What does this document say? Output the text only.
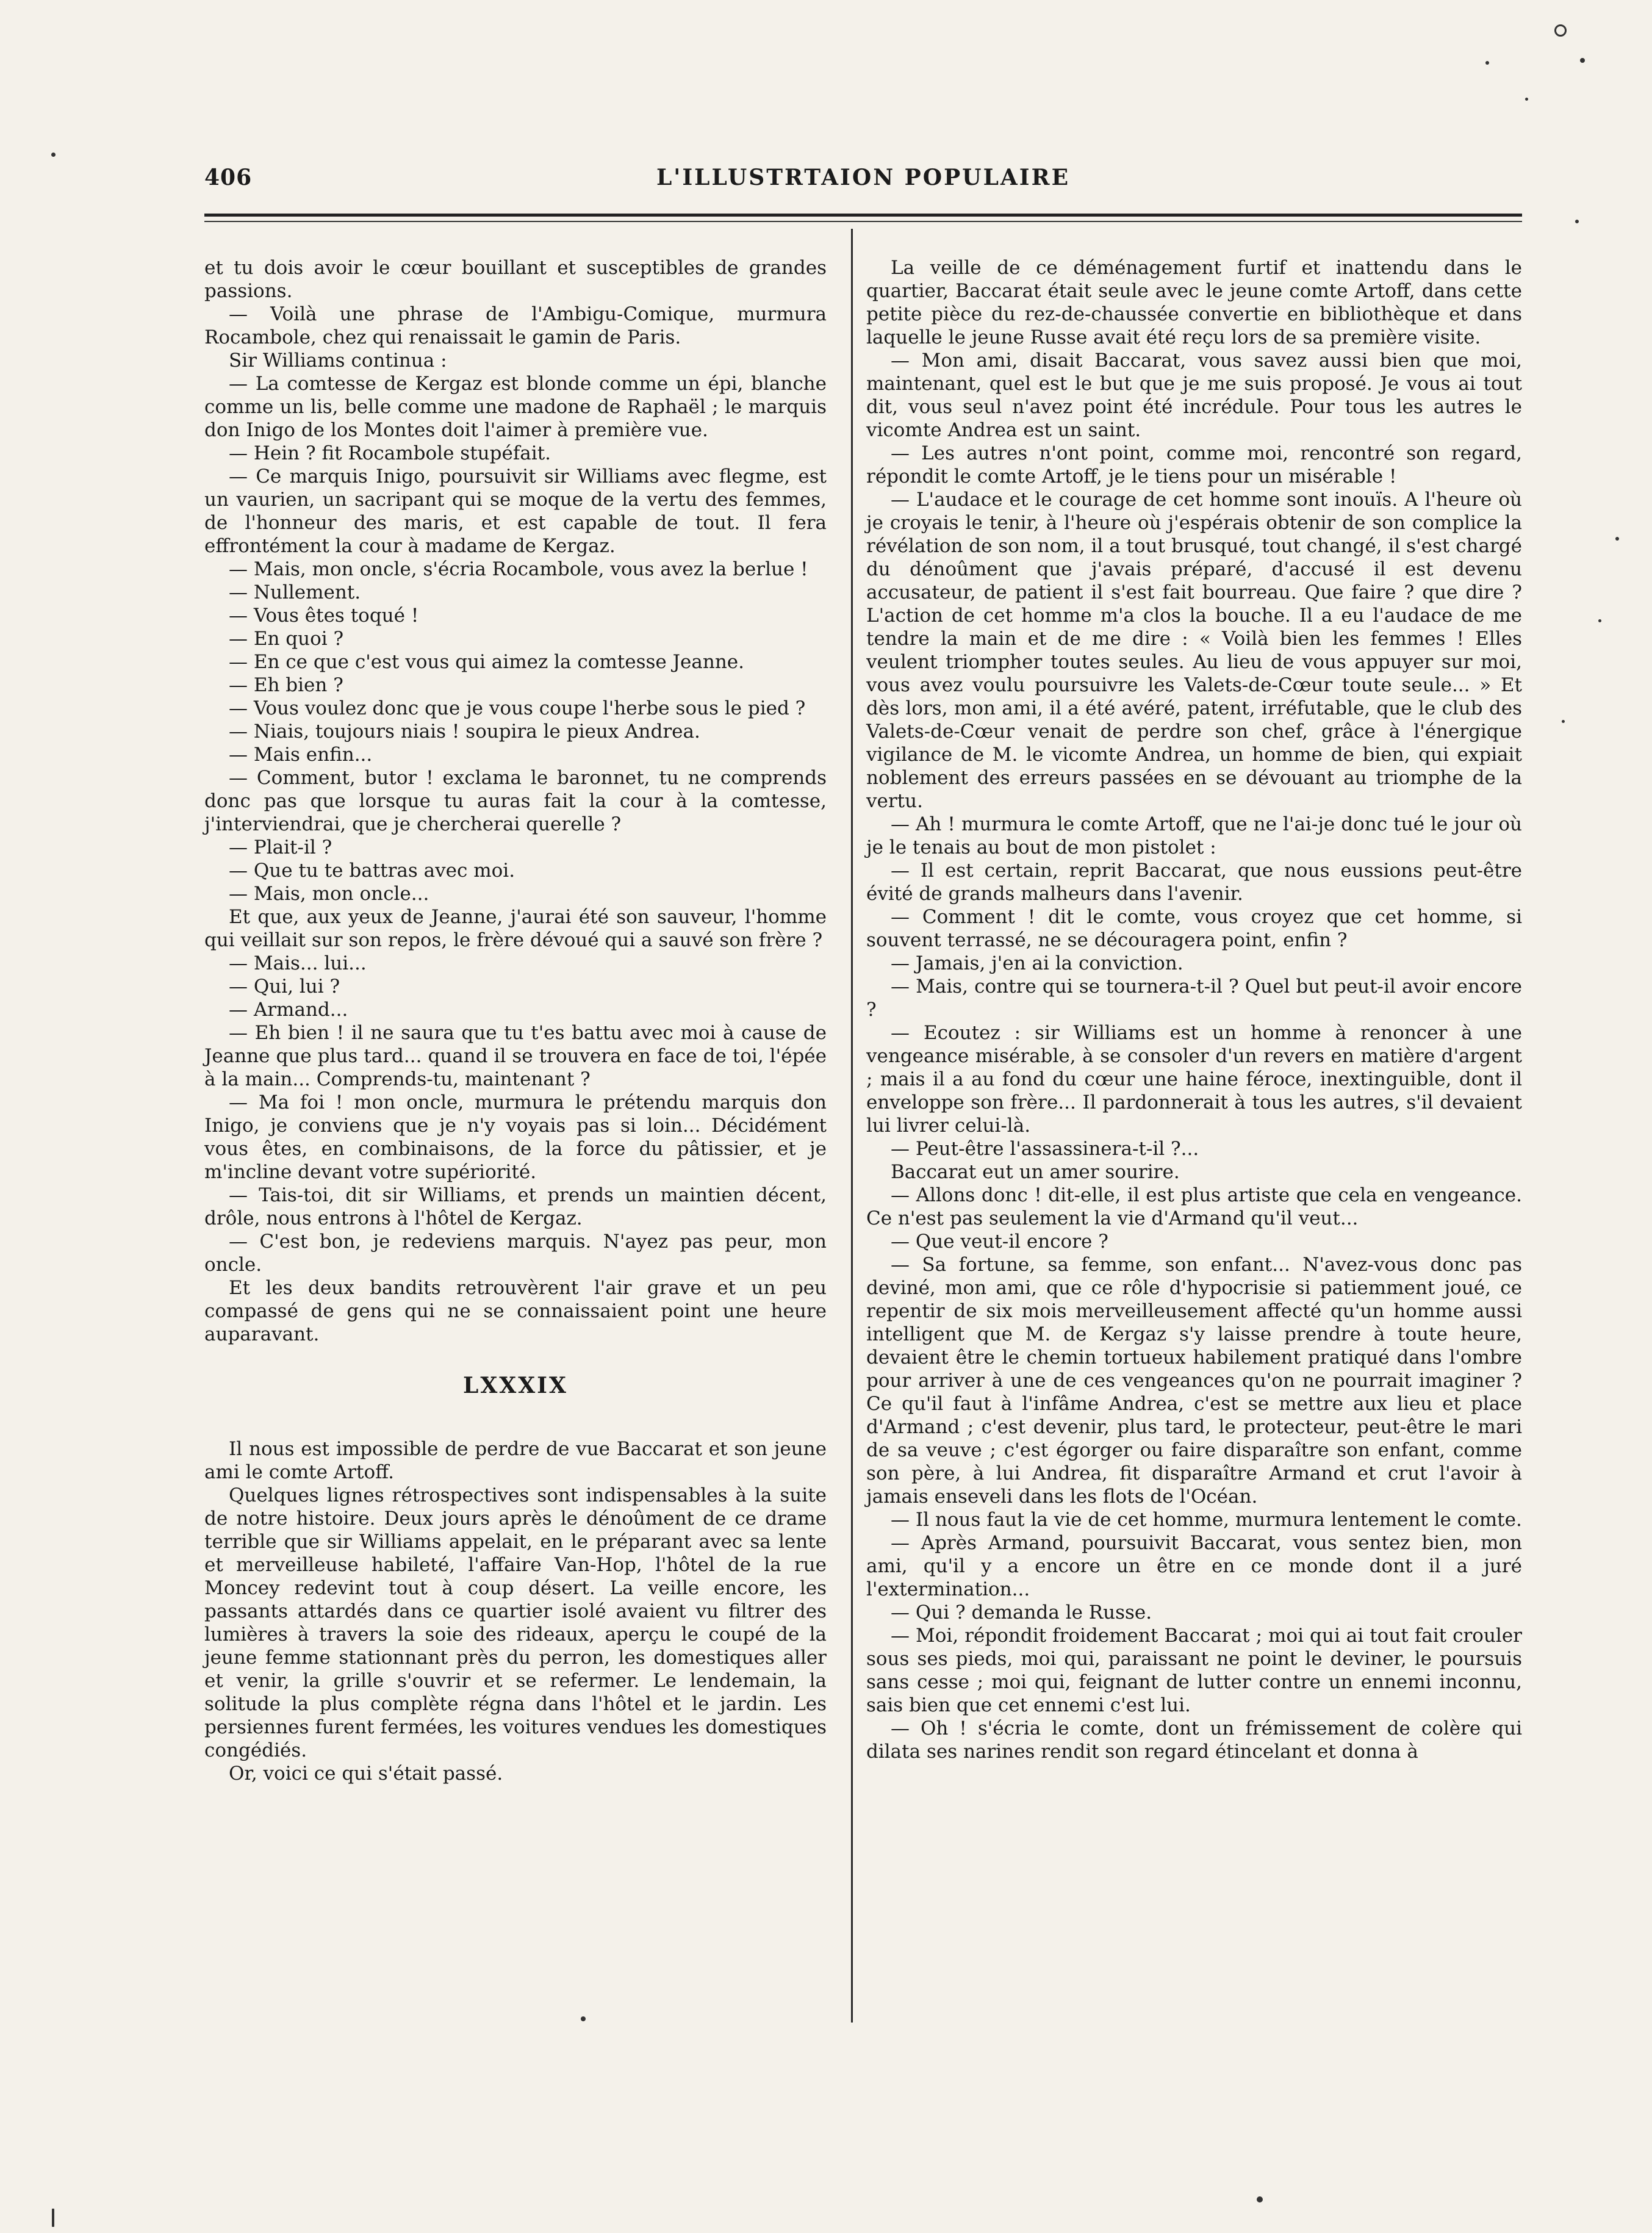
406	L'ILLUSTRTAION POPULAIRE

et tu dois avoir le cœur bouillant et susceptibles de grandes passions.

— Voilà une phrase de l'Ambigu-Comique, murmura Rocambole, chez qui renaissait le gamin de Paris.

Sir Williams continua :

— La comtesse de Kergaz est blonde comme un épi, blanche comme un lis, belle comme une madone de Raphaël ; le marquis don Inigo de los Montes doit l'aimer à première vue.

— Hein ? fit Rocambole stupéfait.

— Ce marquis Inigo, poursuivit sir Williams avec flegme, est un vaurien, un sacripant qui se moque de la vertu des femmes, de l'honneur des maris, et est capable de tout. Il fera effrontément la cour à madame de Kergaz.

— Mais, mon oncle, s'écria Rocambole, vous avez la berlue !

— Nullement.

— Vous êtes toqué !

— En quoi ?

— En ce que c'est vous qui aimez la comtesse Jeanne.

— Eh bien ?

— Vous voulez donc que je vous coupe l'herbe sous le pied ?

— Niais, toujours niais ! soupira le pieux Andrea.

— Mais enfin...

— Comment, butor ! exclama le baronnet, tu ne comprends donc pas que lorsque tu auras fait la cour à la comtesse, j'interviendrai, que je chercherai querelle ?

— Plait-il ?

— Que tu te battras avec moi.

— Mais, mon oncle...

Et que, aux yeux de Jeanne, j'aurai été son sauveur, l'homme qui veillait sur son repos, le frère dévoué qui a sauvé son frère ?

— Mais... lui...

— Qui, lui ?

— Armand...

— Eh bien ! il ne saura que tu t'es battu avec moi à cause de Jeanne que plus tard... quand il se trouvera en face de toi, l'épée à la main... Comprends-tu, maintenant ?

— Ma foi ! mon oncle, murmura le prétendu marquis don Inigo, je conviens que je n'y voyais pas si loin... Décidément vous êtes, en combinaisons, de la force du pâtissier, et je m'incline devant votre supériorité.

— Tais-toi, dit sir Williams, et prends un maintien décent, drôle, nous entrons à l'hôtel de Kergaz.

— C'est bon, je redeviens marquis. N'ayez pas peur, mon oncle.

Et les deux bandits retrouvèrent l'air grave et un peu compassé de gens qui ne se connaissaient point une heure auparavant.

LXXXIX

Il nous est impossible de perdre de vue Baccarat et son jeune ami le comte Artoff.

Quelques lignes rétrospectives sont indispensables à la suite de notre histoire. Deux jours après le dénoûment de ce drame terrible que sir Williams appelait, en le préparant avec sa lente et merveilleuse habileté, l'affaire Van-Hop, l'hôtel de la rue Moncey redevint tout à coup désert. La veille encore, les passants attardés dans ce quartier isolé avaient vu filtrer des lumières à travers la soie des rideaux, aperçu le coupé de la jeune femme stationnant près du perron, les domestiques aller et venir, la grille s'ouvrir et se refermer. Le lendemain, la solitude la plus complète régna dans l'hôtel et le jardin. Les persiennes furent fermées, les voitures vendues les domestiques congédiés.

Or, voici ce qui s'était passé.

La veille de ce déménagement furtif et inattendu dans le quartier, Baccarat était seule avec le jeune comte Artoff, dans cette petite pièce du rez-de-chaussée convertie en bibliothèque et dans laquelle le jeune Russe avait été reçu lors de sa première visite.

— Mon ami, disait Baccarat, vous savez aussi bien que moi, maintenant, quel est le but que je me suis proposé. Je vous ai tout dit, vous seul n'avez point été incrédule. Pour tous les autres le vicomte Andrea est un saint.

— Les autres n'ont point, comme moi, rencontré son regard, répondit le comte Artoff, je le tiens pour un misérable !

— L'audace et le courage de cet homme sont inouïs. A l'heure où je croyais le tenir, à l'heure où j'espérais obtenir de son complice la révélation de son nom, il a tout brusqué, tout changé, il s'est chargé du dénoûment que j'avais préparé, d'accusé il est devenu accusateur, de patient il s'est fait bourreau. Que faire ? que dire ? L'action de cet homme m'a clos la bouche. Il a eu l'audace de me tendre la main et de me dire : « Voilà bien les femmes ! Elles veulent triompher toutes seules. Au lieu de vous appuyer sur moi, vous avez voulu poursuivre les Valets-de-Cœur toute seule... » Et dès lors, mon ami, il a été avéré, patent, irréfutable, que le club des Valets-de-Cœur venait de perdre son chef, grâce à l'énergique vigilance de M. le vicomte Andrea, un homme de bien, qui expiait noblement des erreurs passées en se dévouant au triomphe de la vertu.

— Ah ! murmura le comte Artoff, que ne l'ai-je donc tué le jour où je le tenais au bout de mon pistolet :

— Il est certain, reprit Baccarat, que nous eussions peut-être évité de grands malheurs dans l'avenir.

— Comment ! dit le comte, vous croyez que cet homme, si souvent terrassé, ne se découragera point, enfin ?

— Jamais, j'en ai la conviction.

— Mais, contre qui se tournera-t-il ? Quel but peut-il avoir encore ?

— Ecoutez : sir Williams est un homme à renoncer à une vengeance misérable, à se consoler d'un revers en matière d'argent ; mais il a au fond du cœur une haine féroce, inextinguible, dont il enveloppe son frère... Il pardonnerait à tous les autres, s'il devaient lui livrer celui-là.

— Peut-être l'assassinera-t-il ?...

Baccarat eut un amer sourire.

— Allons donc ! dit-elle, il est plus artiste que cela en vengeance. Ce n'est pas seulement la vie d'Armand qu'il veut...

— Que veut-il encore ?

— Sa fortune, sa femme, son enfant... N'avez-vous donc pas deviné, mon ami, que ce rôle d'hypocrisie si patiemment joué, ce repentir de six mois merveilleusement affecté qu'un homme aussi intelligent que M. de Kergaz s'y laisse prendre à toute heure, devaient être le chemin tortueux habilement pratiqué dans l'ombre pour arriver à une de ces vengeances qu'on ne pourrait imaginer ? Ce qu'il faut à l'infâme Andrea, c'est se mettre aux lieu et place d'Armand ; c'est devenir, plus tard, le protecteur, peut-être le mari de sa veuve ; c'est égorger ou faire disparaître son enfant, comme son père, à lui Andrea, fit disparaître Armand et crut l'avoir à jamais enseveli dans les flots de l'Océan.

— Il nous faut la vie de cet homme, murmura lentement le comte.

— Après Armand, poursuivit Baccarat, vous sentez bien, mon ami, qu'il y a encore un être en ce monde dont il a juré l'extermination...

— Qui ? demanda le Russe.

— Moi, répondit froidement Baccarat ; moi qui ai tout fait crouler sous ses pieds, moi qui, paraissant ne point le deviner, le poursuis sans cesse ; moi qui, feignant de lutter contre un ennemi inconnu, sais bien que cet ennemi c'est lui.

— Oh ! s'écria le comte, dont un frémissement de colère qui dilata ses narines rendit son regard étincelant et donna à
